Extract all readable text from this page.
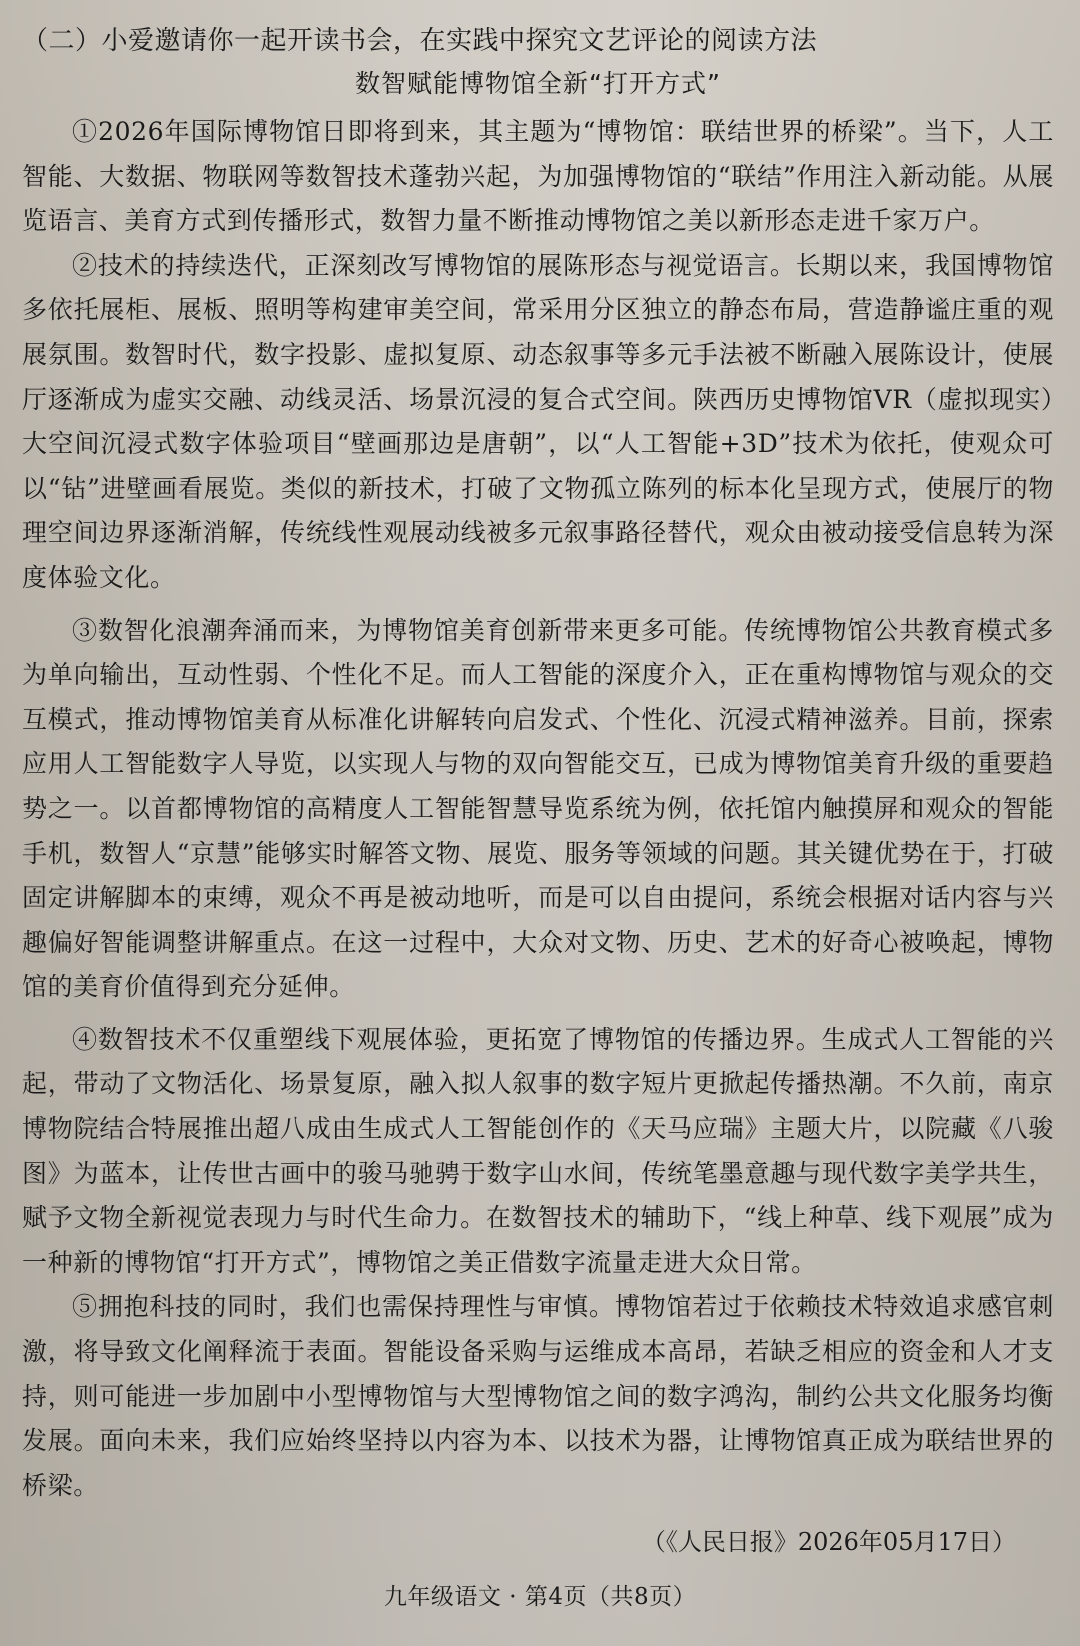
（二）小爱邀请你一起开读书会，在实践中探究文艺评论的阅读方法
数智赋能博物馆全新“打开方式”

①2026年国际博物馆日即将到来，其主题为“博物馆：联结世界的桥梁”。当下，人工智能、大数据、物联网等数智技术蓬勃兴起，为加强博物馆的“联结”作用注入新动能。从展览语言、美育方式到传播形式，数智力量不断推动博物馆之美以新形态走进千家万户。

②技术的持续迭代，正深刻改写博物馆的展陈形态与视觉语言。长期以来，我国博物馆多依托展柜、展板、照明等构建审美空间，常采用分区独立的静态布局，营造静谧庄重的观展氛围。数智时代，数字投影、虚拟复原、动态叙事等多元手法被不断融入展陈设计，使展厅逐渐成为虚实交融、动线灵活、场景沉浸的复合式空间。陕西历史博物馆VR（虚拟现实）大空间沉浸式数字体验项目“壁画那边是唐朝”，以“人工智能+3D”技术为依托，使观众可以“钻”进壁画看展览。类似的新技术，打破了文物孤立陈列的标本化呈现方式，使展厅的物理空间边界逐渐消解，传统线性观展动线被多元叙事路径替代，观众由被动接受信息转为深度体验文化。

③数智化浪潮奔涌而来，为博物馆美育创新带来更多可能。传统博物馆公共教育模式多为单向输出，互动性弱、个性化不足。而人工智能的深度介入，正在重构博物馆与观众的交互模式，推动博物馆美育从标准化讲解转向启发式、个性化、沉浸式精神滋养。目前，探索应用人工智能数字人导览，以实现人与物的双向智能交互，已成为博物馆美育升级的重要趋势之一。以首都博物馆的高精度人工智能智慧导览系统为例，依托馆内触摸屏和观众的智能手机，数智人“京慧”能够实时解答文物、展览、服务等领域的问题。其关键优势在于，打破固定讲解脚本的束缚，观众不再是被动地听，而是可以自由提问，系统会根据对话内容与兴趣偏好智能调整讲解重点。在这一过程中，大众对文物、历史、艺术的好奇心被唤起，博物馆的美育价值得到充分延伸。

④数智技术不仅重塑线下观展体验，更拓宽了博物馆的传播边界。生成式人工智能的兴起，带动了文物活化、场景复原，融入拟人叙事的数字短片更掀起传播热潮。不久前，南京博物院结合特展推出超八成由生成式人工智能创作的《天马应瑞》主题大片，以院藏《八骏图》为蓝本，让传世古画中的骏马驰骋于数字山水间，传统笔墨意趣与现代数字美学共生，赋予文物全新视觉表现力与时代生命力。在数智技术的辅助下，“线上种草、线下观展”成为一种新的博物馆“打开方式”，博物馆之美正借数字流量走进大众日常。

⑤拥抱科技的同时，我们也需保持理性与审慎。博物馆若过于依赖技术特效追求感官刺激，将导致文化阐释流于表面。智能设备采购与运维成本高昂，若缺乏相应的资金和人才支持，则可能进一步加剧中小型博物馆与大型博物馆之间的数字鸿沟，制约公共文化服务均衡发展。面向未来，我们应始终坚持以内容为本、以技术为器，让博物馆真正成为联结世界的桥梁。

（《人民日报》2026年05月17日）
九年级语文 · 第4页（共8页）
